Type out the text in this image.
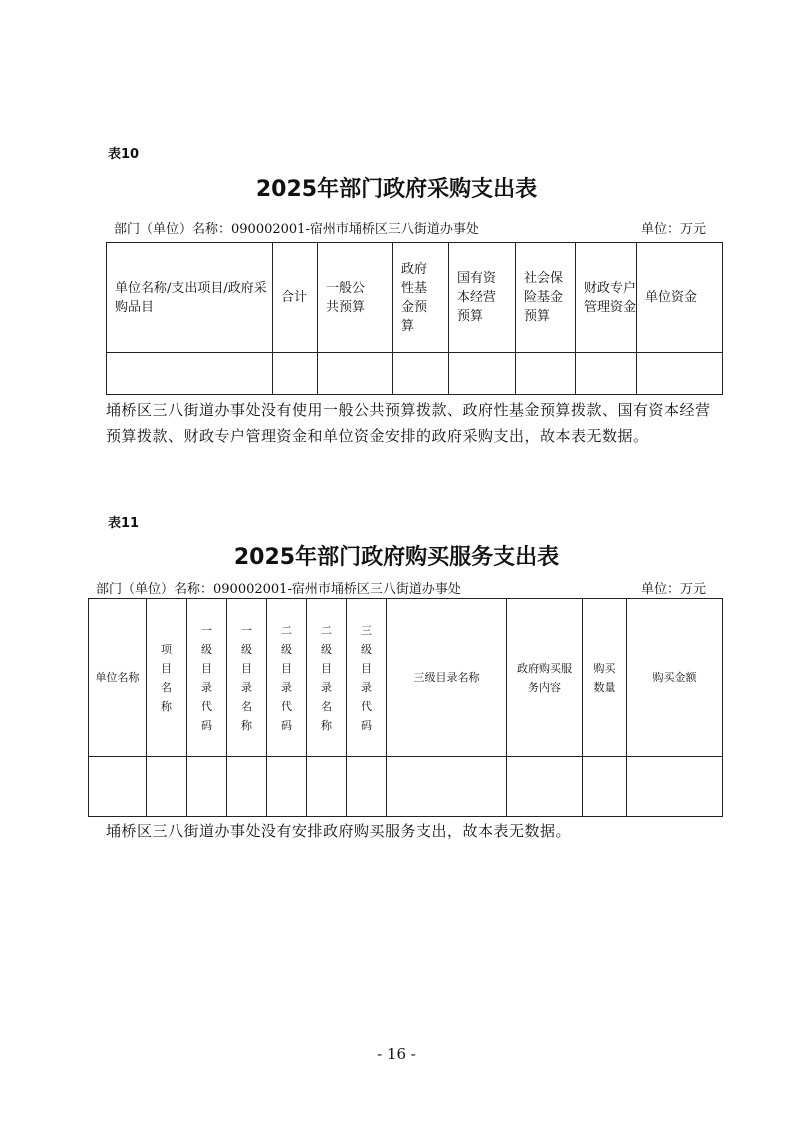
表10
2025年部门政府采购支出表
部门（单位）名称：090002001-宿州市埇桥区三八街道办事处	单位：万元
单位名称/支出项目/政府采购品目	合计	一般公共预算	政府性基金预算	国有资本经营预算	社会保险基金预算	财政专户管理资金	单位资金

埇桥区三八街道办事处没有使用一般公共预算拨款、政府性基金预算拨款、国有资本经营预算拨款、财政专户管理资金和单位资金安排的政府采购支出，故本表无数据。
表11
2025年部门政府购买服务支出表
部门（单位）名称：090002001-宿州市埇桥区三八街道办事处	单位：万元
单位名称	项目名称	一级目录代码	一级目录名称	二级目录代码	二级目录名称	三级目录代码	三级目录名称	政府购买服务内容	购买数量	购买金额

埇桥区三八街道办事处没有安排政府购买服务支出，故本表无数据。
- 16 -
